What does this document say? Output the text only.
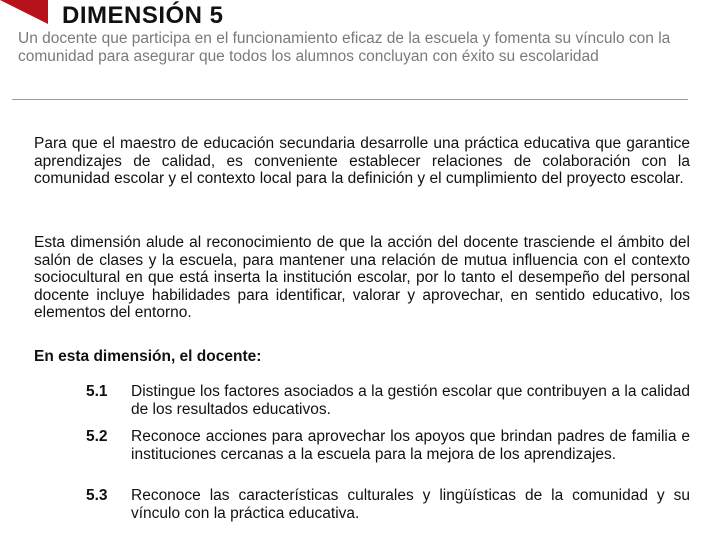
DIMENSIÓN 5
Un docente que participa en el funcionamiento eficaz de la escuela y fomenta su vínculo con la comunidad para asegurar que todos los alumnos concluyan con éxito su escolaridad
Para que el maestro de educación secundaria desarrolle una práctica educativa que garantice aprendizajes de calidad, es conveniente establecer relaciones de colaboración con la comunidad escolar y el contexto local para la definición y el cumplimiento del proyecto escolar.
Esta dimensión alude al reconocimiento de que la acción del docente trasciende el ámbito del salón de clases y la escuela, para mantener una relación de mutua influencia con el contexto sociocultural en que está inserta la institución escolar, por lo tanto el desempeño del personal docente incluye habilidades para identificar, valorar y aprovechar, en sentido educativo, los elementos del entorno.
En esta dimensión, el docente:
5.1	Distingue los factores asociados a la gestión escolar que contribuyen a la calidad de los resultados educativos.
5.2	Reconoce acciones para aprovechar los apoyos que brindan padres de familia e instituciones cercanas a la escuela para la mejora de los aprendizajes.
5.3	Reconoce las características culturales y lingüísticas de la comunidad y su vínculo con la práctica educativa.
